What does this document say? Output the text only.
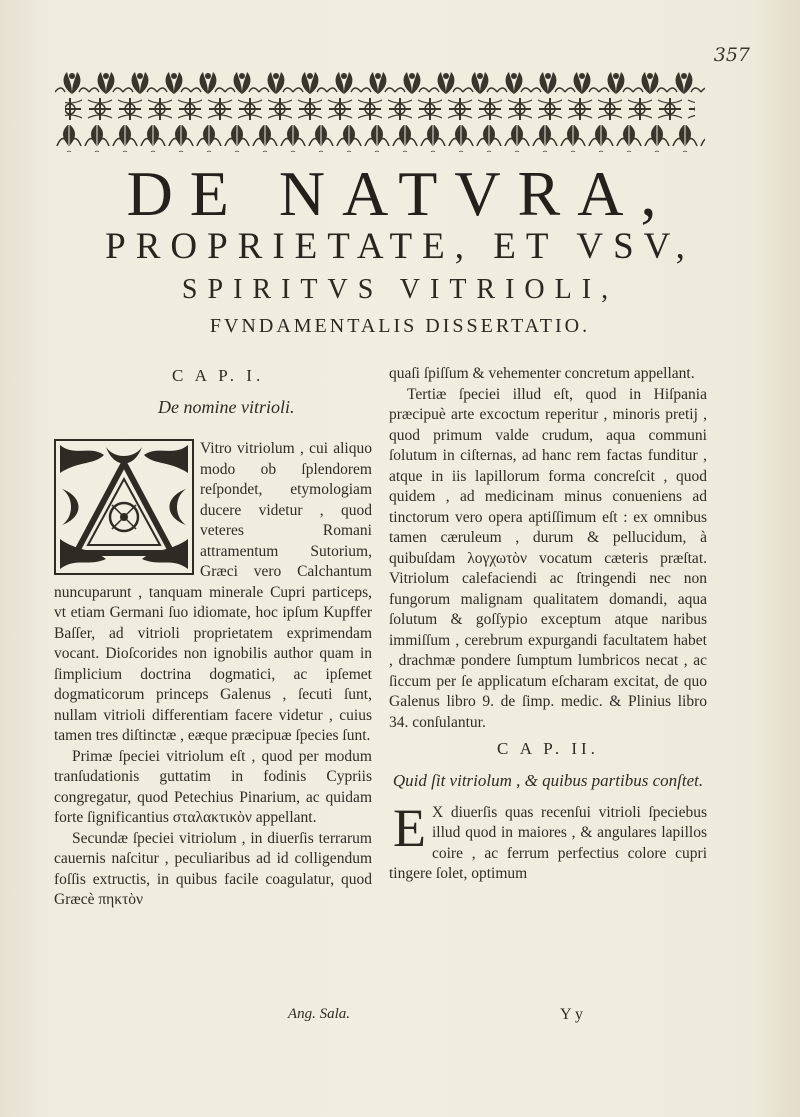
357
DE NATVRA,
PROPRIETATE, ET VSV,
SPIRITVS VITRIOLI,
FVNDAMENTALIS DISSERTATIO.
C A P. I.
De nomine vitrioli.

Vitro vitriolum , cui aliquo modo ob ſplendorem reſpondet, etymologiam ducere videtur , quod veteres Romani attramentum Sutorium, Græci vero Calchantum nuncuparunt , tanquam minerale Cupri particeps, vt etiam Germani ſuo idiomate, hoc ipſum Kupffer Baſſer, ad vitrioli proprietatem exprimendam vocant. Dioſcorides non ignobilis author quam in ſimplicium doctrina dogmatici, ac ipſemet dogmaticorum princeps Galenus , ſecuti ſunt, nullam vitrioli differentiam facere videtur , cuius tamen tres diſtinctæ , eæque præcipuæ ſpecies ſunt.

Primæ ſpeciei vitriolum eſt , quod per modum tranſudationis guttatim in fodinis Cypriis congregatur, quod Petechius Pinarium, ac quidam forte ſignificantius σταλακτικὸν appellant.

Secundæ ſpeciei vitriolum , in diuerſis terrarum cauernis naſcitur , peculiaribus ad id colligendum foſſis extructis, in quibus facile coagulatur, quod Græcè πηκτὸν

quaſi ſpiſſum & vehementer concretum appellant.

Tertiæ ſpeciei illud eſt, quod in Hiſpania præcipuè arte excoctum reperitur , minoris pretij , quod primum valde crudum, aqua communi ſolutum in ciſternas, ad hanc rem factas funditur , atque in iis lapillorum forma concreſcit , quod quidem , ad medicinam minus conueniens ad tinctorum vero opera aptiſſimum eſt : ex omnibus tamen cæruleum , durum & pellucidum, à quibuſdam λογχωτὸν vocatum cæteris præſtat. Vitriolum calefaciendi ac ſtringendi nec non fungorum malignam qualitatem domandi, aqua ſolutum & goſſypio exceptum atque naribus immiſſum , cerebrum expurgandi facultatem habet , drachmæ pondere ſumptum lumbricos necat , ac ſiccum per ſe applicatum eſcharam excitat, de quo Galenus libro 9. de ſimp. medic. & Plinius libro 34. conſulantur.

C A P. II.
Quid ſit vitriolum , & quibus partibus conſtet.

E X diuerſis quas recenſui vitrioli ſpeciebus illud quod in maiores , & angulares lapillos coire , ac ferrum perfectius colore cupri tingere ſolet, optimum

Ang. Sala.	Y y
